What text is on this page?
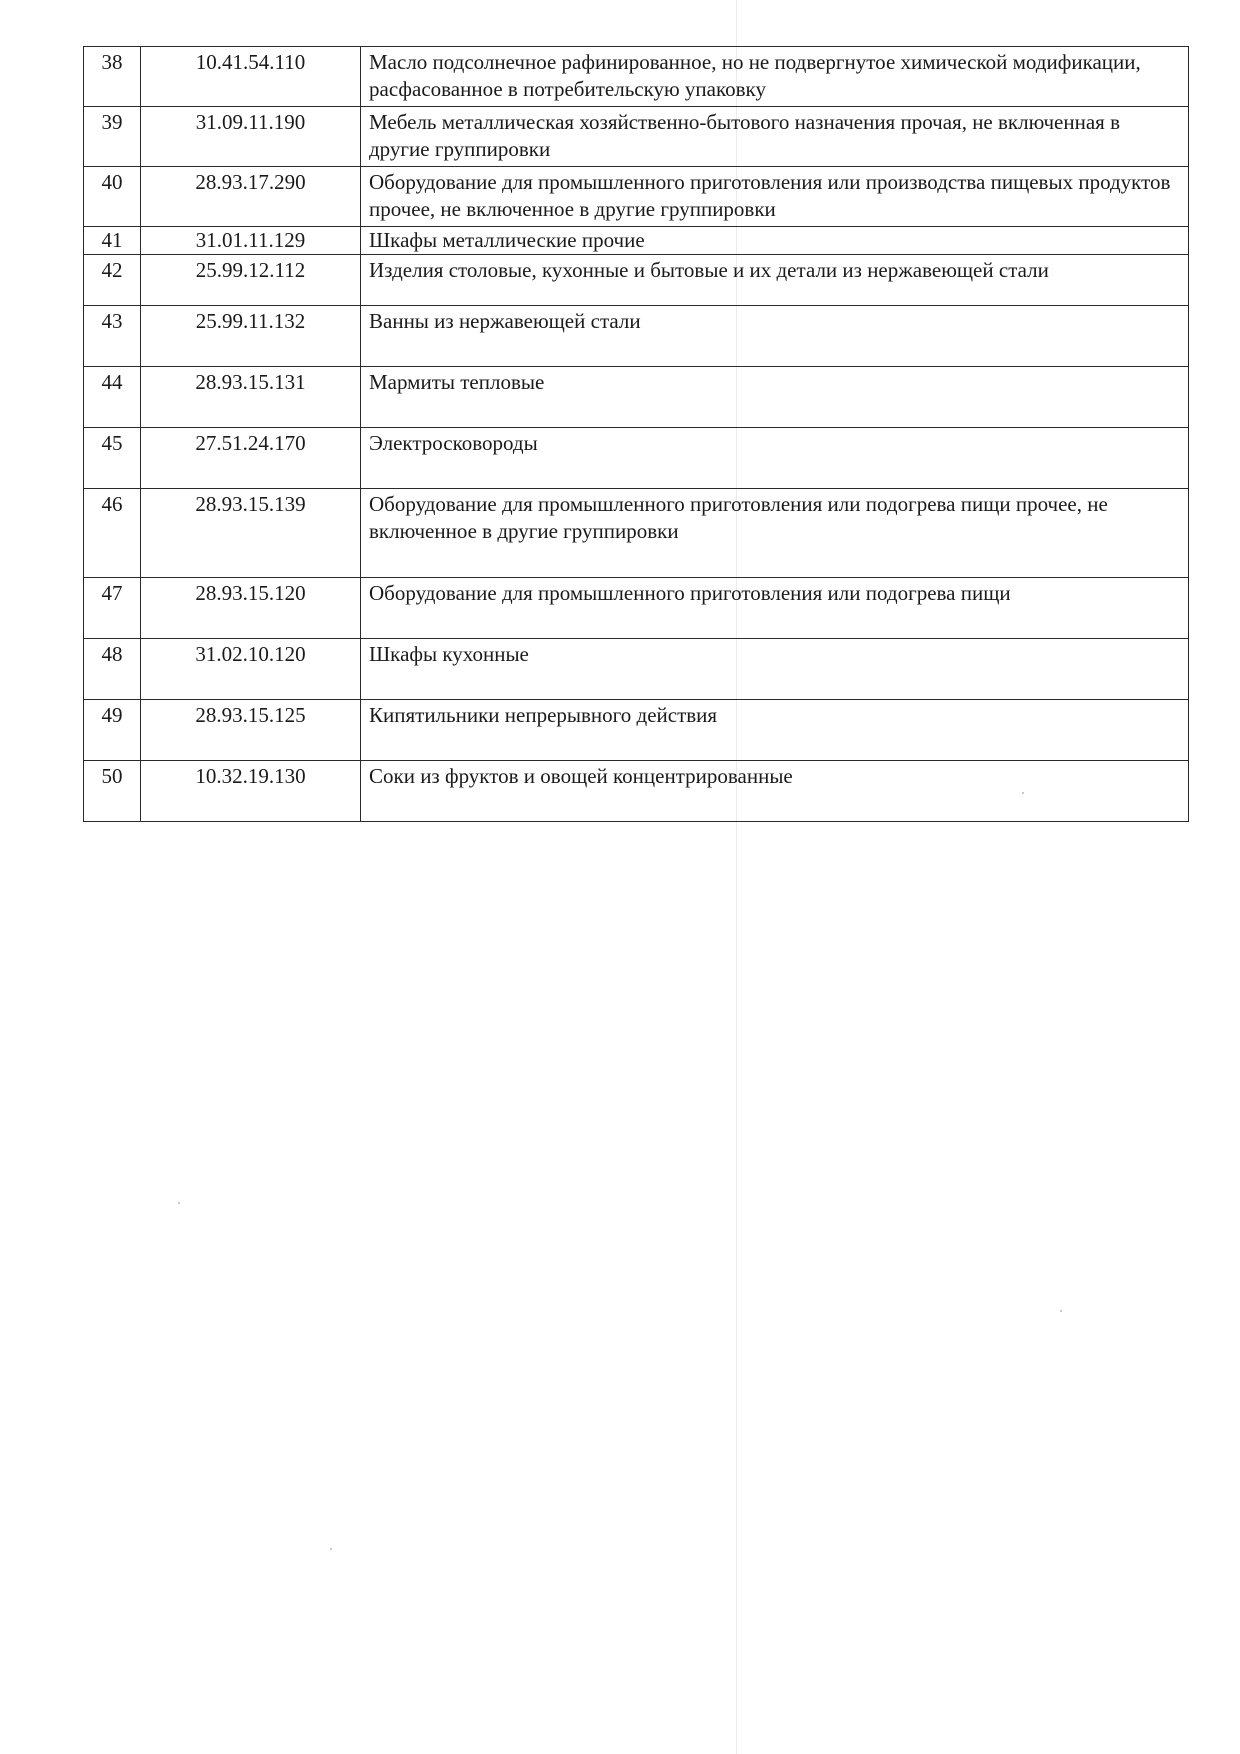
38	10.41.54.110	Масло подсолнечное рафинированное, но не подвергнутое химической модификации, расфасованное в потребительскую упаковку
39	31.09.11.190	Мебель металлическая хозяйственно-бытового назначения прочая, не включенная в другие группировки
40	28.93.17.290	Оборудование для промышленного приготовления или производства пищевых продуктов прочее, не включенное в другие группировки
41	31.01.11.129	Шкафы металлические прочие
42	25.99.12.112	Изделия столовые, кухонные и бытовые и их детали из нержавеющей стали
43	25.99.11.132	Ванны из нержавеющей стали
44	28.93.15.131	Мармиты тепловые
45	27.51.24.170	Электросковороды
46	28.93.15.139	Оборудование для промышленного приготовления или подогрева пищи прочее, не включенное в другие группировки
47	28.93.15.120	Оборудование для промышленного приготовления или подогрева пищи
48	31.02.10.120	Шкафы кухонные
49	28.93.15.125	Кипятильники непрерывного действия
50	10.32.19.130	Соки из фруктов и овощей концентрированные
